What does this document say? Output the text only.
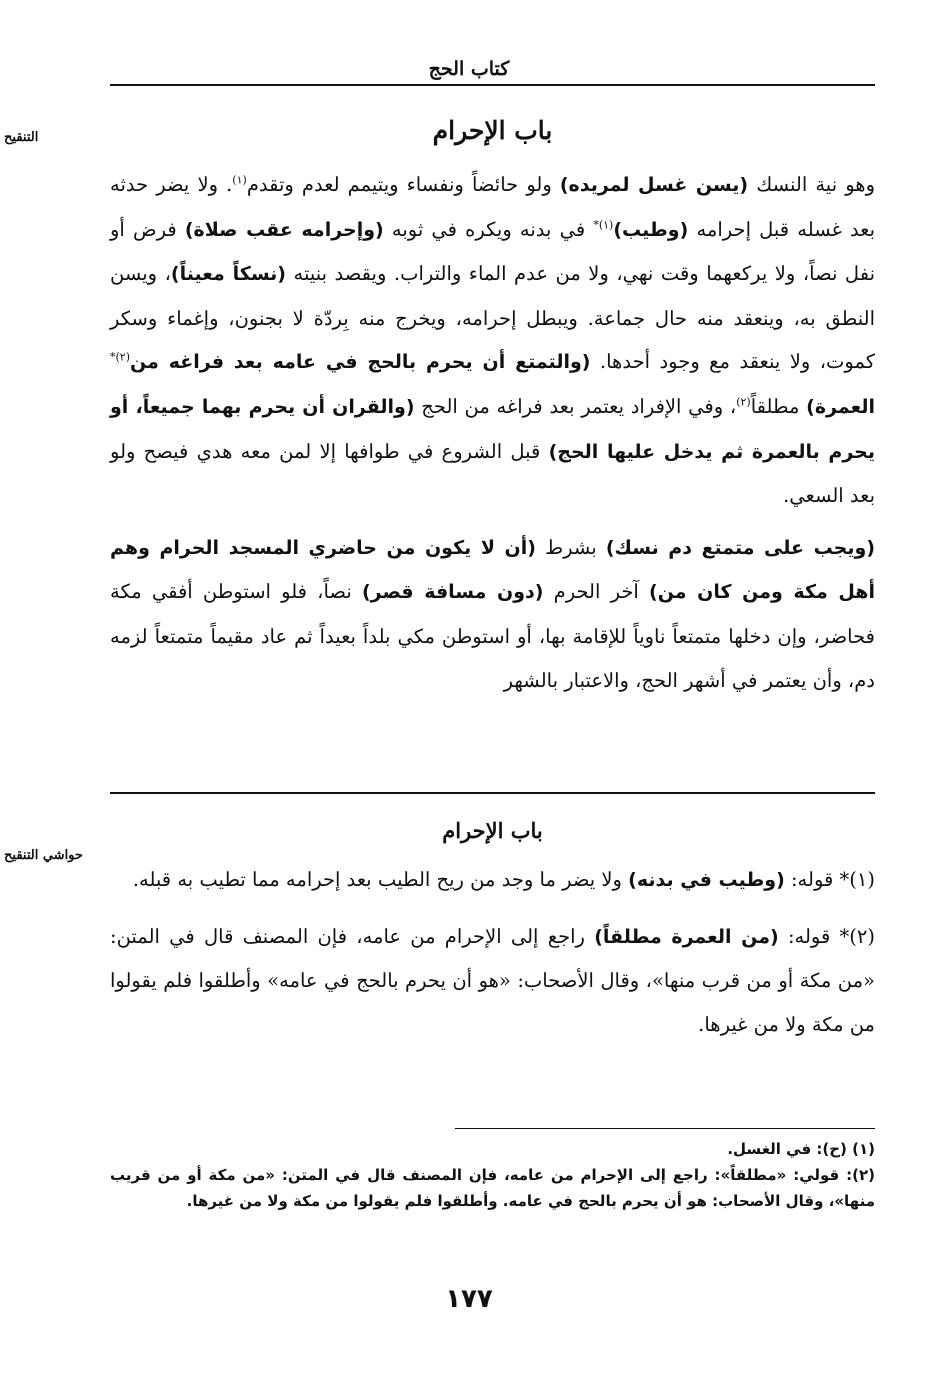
كتاب الحج
التنقيح	باب الإحرام

وهو نية النسك (يسن غسل لمريده) ولو حائضاً ونفساء ويتيمم لعدم وتقدم$^{(١)}$. ولا يضر حدثه بعد غسله قبل إحرامه (وطيب)$^{(١)*}$ في بدنه ويكره في ثوبه (وإحرامه عقب صلاة) فرض أو نفل نصاً، ولا يركعهما وقت نهي، ولا من عدم الماء والتراب. ويقصد بنيته (نسكاً معيناً)، ويسن النطق به، وينعقد منه حال جماعة. ويبطل إحرامه، ويخرج منه بِردّة لا بجنون، وإغماء وسكر كموت، ولا ينعقد مع وجود أحدها. (والتمتع أن يحرم بالحج في عامه بعد فراغه من$^{(٢)*}$ العمرة) مطلقاً$^{(٢)}$، وفي الإفراد يعتمر بعد فراغه من الحج (والقران أن يحرم بهما جميعاً، أو يحرم بالعمرة ثم يدخل عليها الحج) قبل الشروع في طوافها إلا لمن معه هدي فيصح ولو بعد السعي.

(ويجب على متمتع دم نسك) بشرط (أن لا يكون من حاضري المسجد الحرام وهم أهل مكة ومن كان من) آخر الحرم (دون مسافة قصر) نصاً، فلو استوطن أفقي مكة فحاضر، وإن دخلها متمتعاً ناوياً للإقامة بها، أو استوطن مكي بلداً بعيداً ثم عاد مقيماً متمتعاً لزمه دم، وأن يعتمر في أشهر الحج، والاعتبار بالشهر

حواشي التنقيح
باب الإحرام

(١)* قوله: (وطيب في بدنه) ولا يضر ما وجد من ريح الطيب بعد إحرامه مما تطيب به قبله.

(٢)* قوله: (من العمرة مطلقاً) راجع إلى الإحرام من عامه، فإن المصنف قال في المتن: «من مكة أو من قرب منها»، وقال الأصحاب: «هو أن يحرم بالحج في عامه» وأطلقوا فلم يقولوا من مكة ولا من غيرها.

(١) (ح): في الغسل.

(٢): قولي: «مطلقاً»: راجع إلى الإحرام من عامه، فإن المصنف قال في المتن: «من مكة أو من قريب منها»، وقال الأصحاب: هو أن يحرم بالحج في عامه. وأطلقوا فلم يقولوا من مكة ولا من غيرها.

١٧٧
